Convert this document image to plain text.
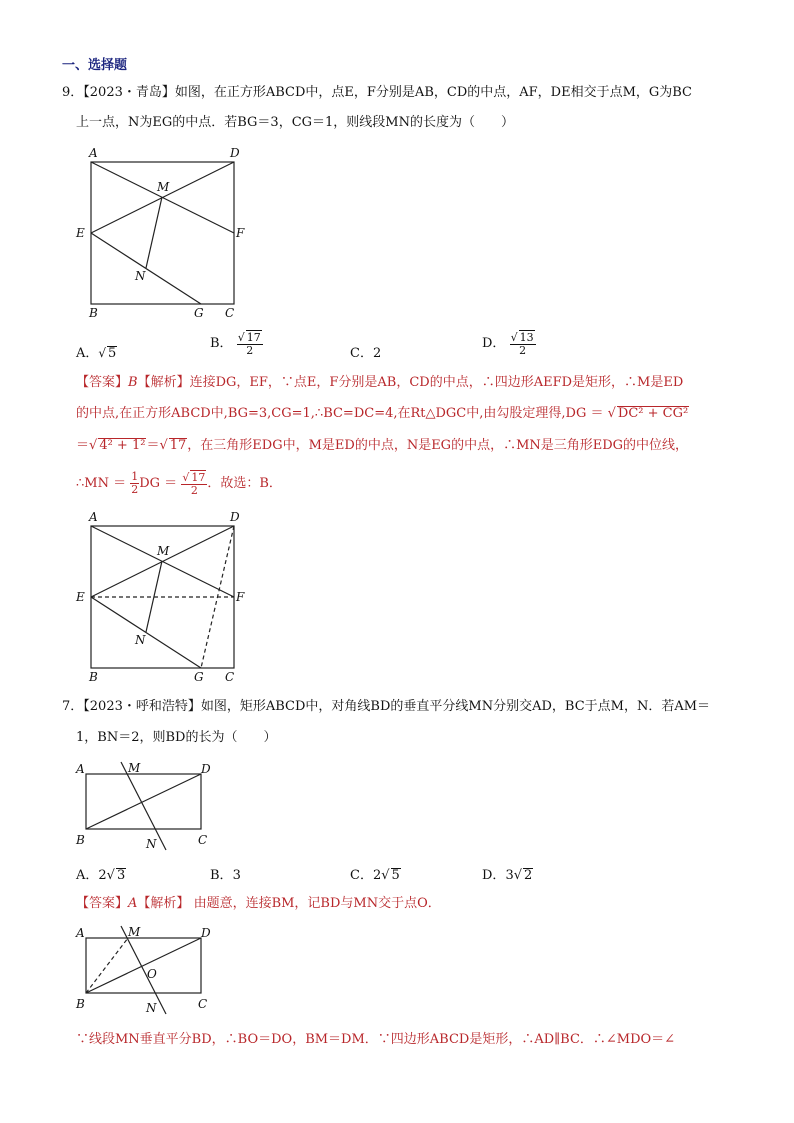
一、选择题
9．【2023・青岛】如图，在正方形ABCD中，点E，F分别是AB，CD的中点，AF，DE相交于点M，G为BC
上一点，N为EG的中点．若BG＝3，CG＝1，则线段MN的长度为（　　）
A	D
M
E	F
N
B	G C
A．√ 5
B． $\frac{√ 17}{2}$	C．2
D． $\frac{√ 13}{2}$
【答案】B【解析】连接DG，EF，∵点E，F分别是AB，CD的中点，∴四边形AEFD是矩形，∴M是ED
的中点,在正方形ABCD中,BG=3,CG=1,∴BC=DC=4,在Rt△DGC中,由勾股定理得,DG ＝ √ DC² + CG²
＝√ 4² + 1²＝√ 17，在三角形EDG中，M是ED的中点，N是EG的中点，∴MN是三角形EDG的中位线，
∴MN ＝ $\frac{1}{2}$ DG ＝ $\frac{√ 17}{2}$ ．故选：B．
A	D
M
E	F
N
B	G C
7．【2023・呼和浩特】如图，矩形ABCD中，对角线BD的垂直平分线MN分别交AD，BC于点M，N．若AM＝
1，BN＝2，则BD的长为（　　）
A	M	D
B	N	C
A．2√ 3	B．3	C．2√ 5	D．3√ 2
【答案】A【解析】 由题意，连接BM，记BD与MN交于点O．
A	M	D
O
B	N	C
∵线段MN垂直平分BD，∴BO＝DO，BM＝DM．∵四边形ABCD是矩形，∴AD∥BC．∴∠MDO＝∠
